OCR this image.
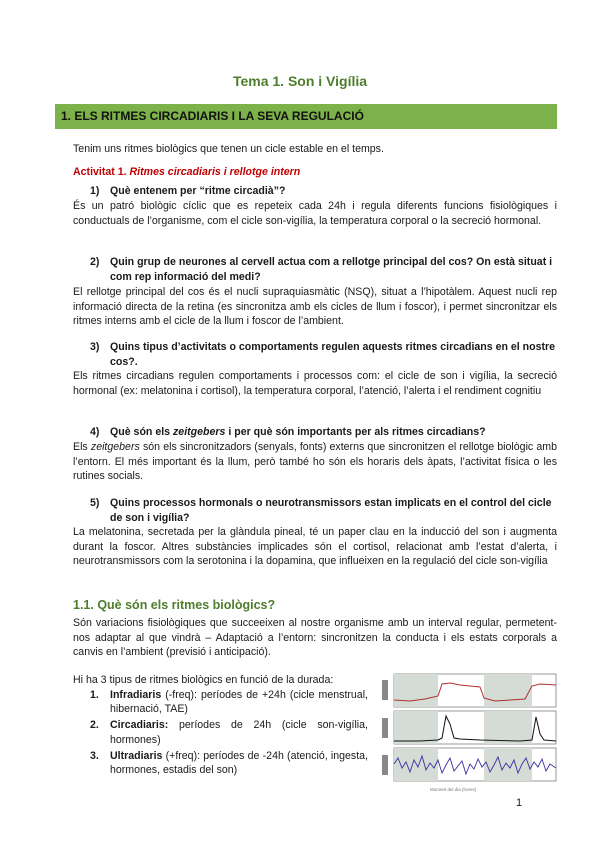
Tema 1. Son i Vigília
1. ELS RITMES CIRCADIARIS I LA SEVA REGULACIÓ
Tenim uns ritmes biològics que tenen un cicle estable en el temps.
Activitat 1. Ritmes circadiaris i rellotge intern
1) Què entenem per “ritme circadià”?
És un patró biològic cíclic que es repeteix cada 24h i regula diferents funcions fisiològiques i conductuals de l’organisme, com el cicle son-vigília, la temperatura corporal o la secreció hormonal.
2) Quin grup de neurones al cervell actua com a rellotge principal del cos? On està situat i com rep informació del medi?
El rellotge principal del cos és el nucli supraquiasmàtic (NSQ), situat a l’hipotàlem. Aquest nucli rep informació directa de la retina (es sincronitza amb els cicles de llum i foscor), i permet sincronitzar els ritmes interns amb el cicle de la llum i foscor de l’ambient.
3) Quins tipus d’activitats o comportaments regulen aquests ritmes circadians en el nostre cos?.
Els ritmes circadians regulen comportaments i processos com: el cicle de son i vigília, la secreció hormonal (ex: melatonina i cortisol), la temperatura corporal, l’atenció, l’alerta i el rendiment cognitiu
4) Què són els zeitgebers i per què són importants per als ritmes circadians?
Els zeitgebers són els sincronitzadors (senyals, fonts) externs que sincronitzen el rellotge biològic amb l’entorn. El més important és la llum, però també ho són els horaris dels àpats, l’activitat física o les rutines socials.
5) Quins processos hormonals o neurotransmissors estan implicats en el control del cicle de son i vigília?
La melatonina, secretada per la glàndula pineal, té un paper clau en la inducció del son i augmenta durant la foscor. Altres substàncies implicades són el cortisol, relacionat amb l’estat d’alerta, i neurotransmissors com la serotonina i la dopamina, que influeixen en la regulació del cicle son-vigília
1.1. Què són els ritmes biològics?
Són variacions fisiològiques que succeeixen al nostre organisme amb un interval regular, permetent-nos adaptar al que vindrà – Adaptació a l’entorn: sincronitzen la conducta i els estats corporals a canvis en l’ambient (previsió i anticipació).
Hi ha 3 tipus de ritmes biològics en funció de la durada:
1. Infradiaris (-freq): períodes de +24h (cicle menstrual, hibernació, TAE)
2. Circadiaris: períodes de 24h (cicle son-vigília, hormones)
3. Ultradiaris (+freq): períodes de -24h (atenció, ingesta, hormones, estadis del son)
Moment del dia (hores)
1
